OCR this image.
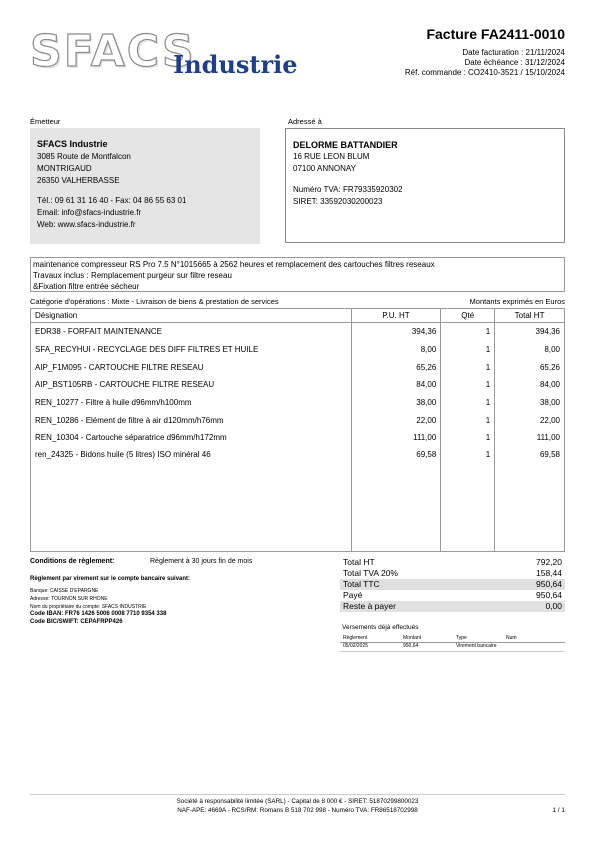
SFACS
Industrie
Facture FA2411-0010
Date facturation : 21/11/2024
Date échéance : 31/12/2024
Réf. commande : CO2410-3521 / 15/10/2024
Émetteur	Adressé à
SFACS Industrie
3085 Route de Montfalcon
MONTRIGAUD
26350 VALHERBASSE
Tél.: 09 61 31 16 40 - Fax: 04 86 55 63 01
Email: info@sfacs-industrie.fr
Web: www.sfacs-industrie.fr
DELORME BATTANDIER
16 RUE LEON BLUM
07100 ANNONAY
Numéro TVA: FR79335920302
SIRET: 33592030200023
maintenance compresseur RS Pro 7.5 N°1015665 à 2562 heures et remplacement des cartouches filtres reseaux
Travaux inclus : Remplacement purgeur sur filtre reseau
&Fixation filtre entrée sécheur
Catégorie d'opérations : Mixte - Livraison de biens & prestation de services	Montants exprimés en Euros
Désignation	P.U. HT	Qté	Total HT
EDR38 - FORFAIT MAINTENANCE	394,36	1	394,36
SFA_RECYHUI - RECYCLAGE DES DIFF FILTRES ET HUILE	8,00	1	8,00
AIP_F1M095 - CARTOUCHE FILTRE RESEAU	65,26	1	65,26
AIP_BST105RB - CARTOUCHE FILTRE RESEAU	84,00	1	84,00
REN_10277 - Filtre à huile d96mm/h100mm	38,00	1	38,00
REN_10286 - Elément de filtre à air d120mm/h76mm	22,00	1	22,00
REN_10304 - Cartouche séparatrice d96mm/h172mm	111,00	1	111,00
ren_24325 - Bidons huile (5 litres) ISO minéral 46	69,58	1	69,58
Conditions de règlement:	Règlement à 30 jours fin de mois
Règlement par virement sur le compte bancaire suivant:
Banque: CAISSE D'EPARGNE
Adresse: TOURNON SUR RHONE
Nom du propriétaire du compte: SFACS INDUSTRIE
Code IBAN: FR76 1426 5006 0008 7710 9354 338
Code BIC/SWIFT: CEPAFRPP426
Total HT	792,20
Total TVA 20%	158,44
Total TTC	950,64
Payé	950,64
Reste à payer	0,00
Versements déjà effectués
Règlement	Montant	Type	Num
05/02/2025	950,64	Virement bancaire
Société à responsabilité limitée (SARL) - Capital de 8 000 € - SIRET: 51870299800023
NAF-APE: 4669A - RCS/RM: Romans B 518 702 998 - Numéro TVA: FR86518702998	1 / 1
